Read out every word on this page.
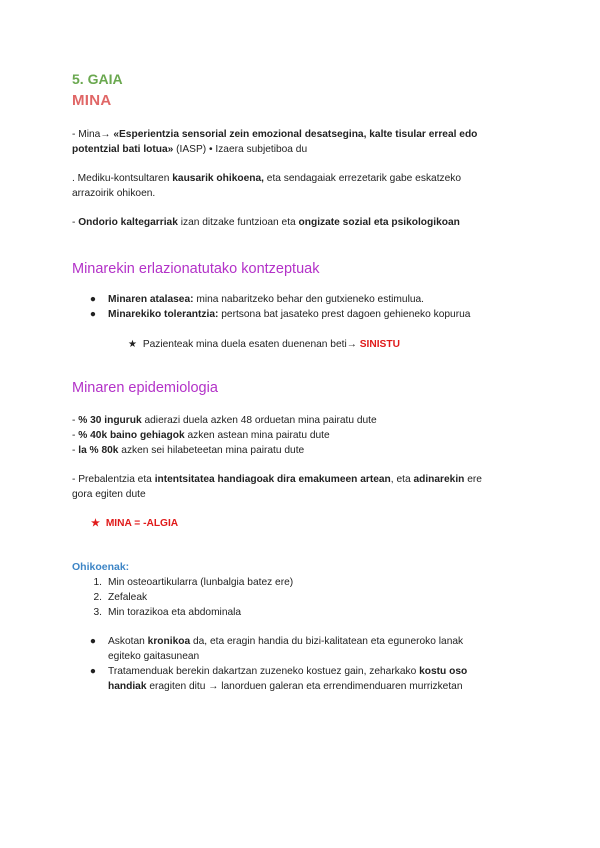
5. GAIA
MINA
- Mina→ «Esperientzia sensorial zein emozional desatsegina, kalte tisular erreal edo
potentzial bati lotua» (IASP) • Izaera subjetiboa du
. Mediku-kontsultaren kausarik ohikoena, eta sendagaiak errezetarik gabe eskatzeko
arrazoirik ohikoen.
- Ondorio kaltegarriak izan ditzake funtzioan eta ongizate sozial eta psikologikoan
Minarekin erlazionatutako kontzeptuak
● Minaren atalasea: mina nabaritzeko behar den gutxieneko estimulua.
● Minarekiko tolerantzia: pertsona bat jasateko prest dagoen gehieneko kopurua
★ Pazienteak mina duela esaten duenenan beti→ SINISTU
Minaren epidemiologia
- % 30 inguruk adierazi duela azken 48 orduetan mina pairatu dute
- % 40k baino gehiagok azken astean mina pairatu dute
- la % 80k azken sei hilabeteetan mina pairatu dute
- Prebalentzia eta intentsitatea handiagoak dira emakumeen artean, eta adinarekin ere
gora egiten dute
★ MINA = -ALGIA
Ohikoenak:
1. Min osteoartikularra (lunbalgia batez ere)
2. Zefaleak
3. Min torazikoa eta abdominala
● Askotan kronikoa da, eta eragin handia du bizi-kalitatean eta eguneroko lanak
egiteko gaitasunean
● Tratamenduak berekin dakartzan zuzeneko kostuez gain, zeharkako kostu oso
handiak eragiten ditu → lanorduen galeran eta errendimenduaren murrizketan
